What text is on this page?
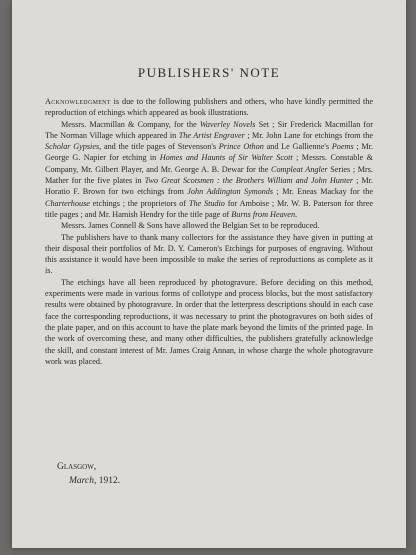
PUBLISHERS' NOTE

Acknowledgment is due to the following publishers and others, who have kindly permitted the reproduction of etchings which appeared as book illustrations.

Messrs. Macmillan & Company, for the Waverley Novels Set ; Sir Frederick Macmillan for The Norman Village which appeared in The Artist Engraver ; Mr. John Lane for etchings from the Scholar Gypsies, and the title pages of Stevenson's Prince Othon and Le Gallienne's Poems ; Mr. George G. Napier for etching in Homes and Haunts of Sir Walter Scott ; Messrs. Constable & Company, Mr. Gilbert Player, and Mr. George A. B. Dewar for the Compleat Angler Series ; Mrs. Mather for the five plates in Two Great Scotsmen : the Brothers William and John Hunter ; Mr. Horatio F. Brown for two etchings from John Addington Symonds ; Mr. Eneas Mackay for the Charterhouse etchings ; the proprietors of The Studio for Amboise ; Mr. W. B. Paterson for three title pages ; and Mr. Hamish Hendry for the title page of Burns from Heaven.

Messrs. James Connell & Sons have allowed the Belgian Set to be reproduced.

The publishers have to thank many collectors for the assistance they have given in putting at their disposal their portfolios of Mr. D. Y. Cameron's Etchings for purposes of engraving. Without this assistance it would have been impossible to make the series of reproductions as complete as it is.

The etchings have all been reproduced by photogravure. Before deciding on this method, experiments were made in various forms of collotype and process blocks, but the most satisfactory results were obtained by photogravure. In order that the letterpress descriptions should in each case face the corresponding reproductions, it was necessary to print the photogravures on both sides of the plate paper, and on this account to have the plate mark beyond the limits of the printed page. In the work of overcoming these, and many other difficulties, the publishers gratefully acknowledge the skill, and constant interest of Mr. James Craig Annan, in whose charge the whole photogravure work was placed.

Glasgow,
March, 1912.
